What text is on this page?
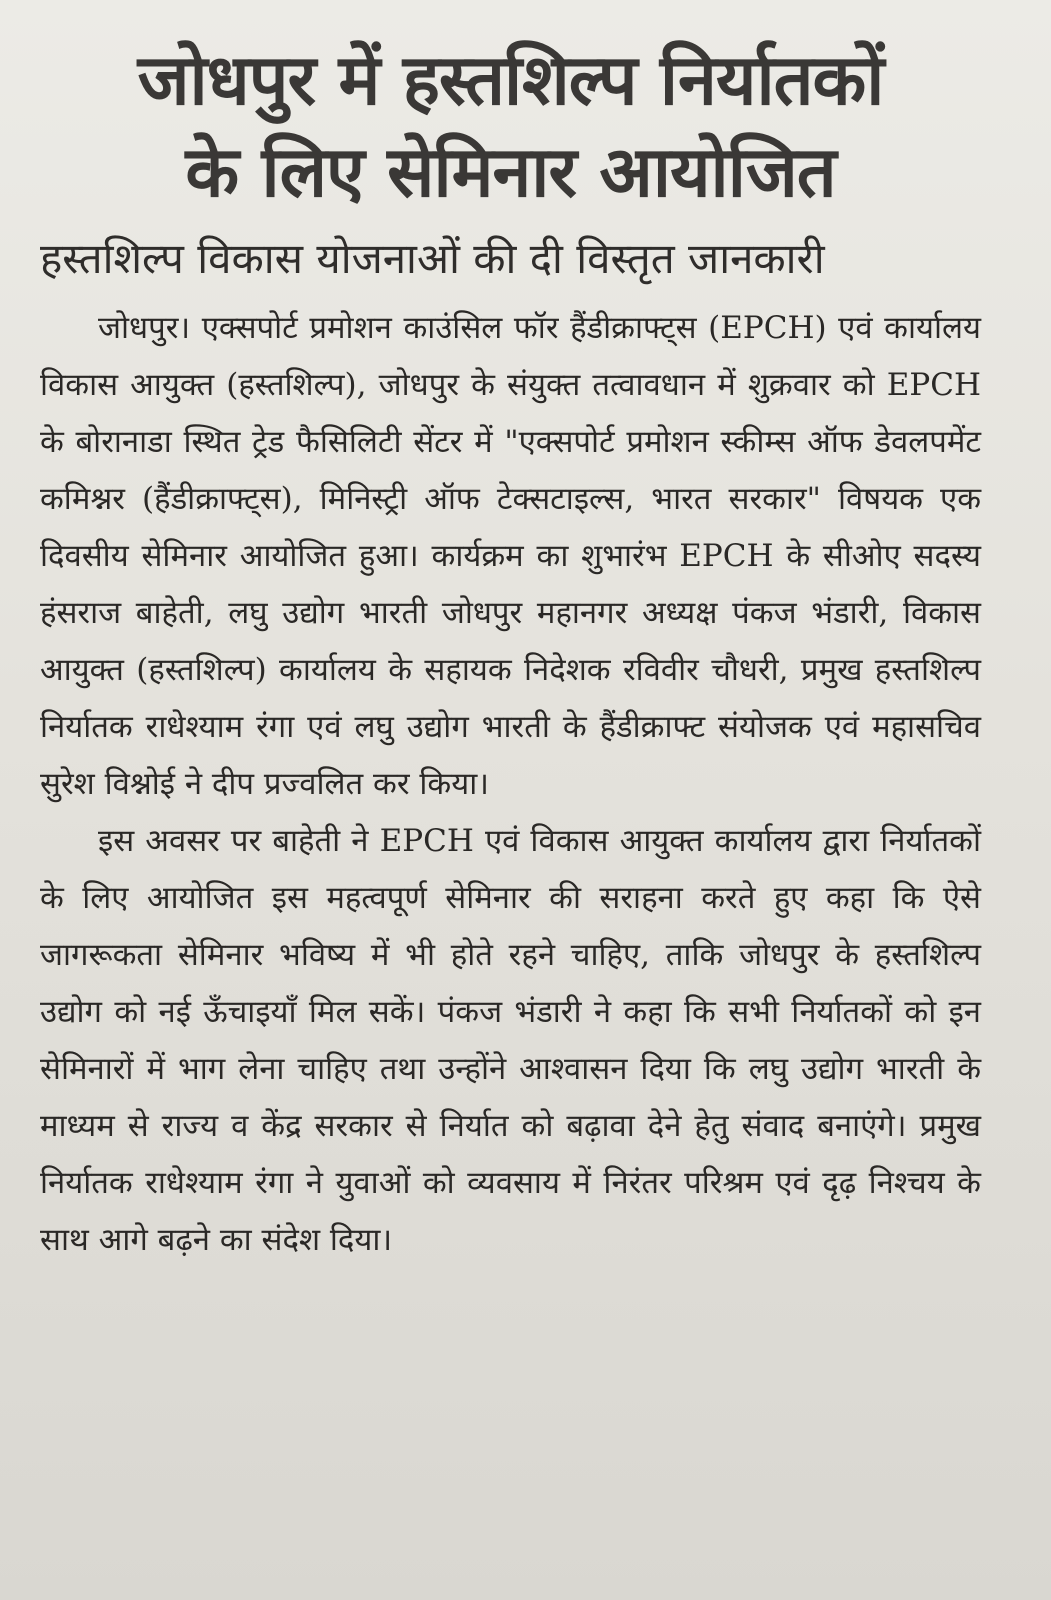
जोधपुर में हस्तशिल्प निर्यातकों
के लिए सेमिनार आयोजित
हस्तशिल्प विकास योजनाओं की दी विस्तृत जानकारी

जोधपुर। एक्सपोर्ट प्रमोशन काउंसिल फॉर हैंडीक्राफ्ट्स (EPCH) एवं कार्यालय विकास आयुक्त (हस्तशिल्प), जोधपुर के संयुक्त तत्वावधान में शुक्रवार को EPCH के बोरानाडा स्थित ट्रेड फैसिलिटी सेंटर में "एक्सपोर्ट प्रमोशन स्कीम्स ऑफ डेवलपमेंट कमिश्नर (हैंडीक्राफ्ट्स), मिनिस्ट्री ऑफ टेक्सटाइल्स, भारत सरकार" विषयक एक दिवसीय सेमिनार आयोजित हुआ। कार्यक्रम का शुभारंभ EPCH के सीओए सदस्य हंसराज बाहेती, लघु उद्योग भारती जोधपुर महानगर अध्यक्ष पंकज भंडारी, विकास आयुक्त (हस्तशिल्प) कार्यालय के सहायक निदेशक रविवीर चौधरी, प्रमुख हस्तशिल्प निर्यातक राधेश्याम रंगा एवं लघु उद्योग भारती के हैंडीक्राफ्ट संयोजक एवं महासचिव सुरेश विश्नोई ने दीप प्रज्वलित कर किया।

इस अवसर पर बाहेती ने EPCH एवं विकास आयुक्त कार्यालय द्वारा निर्यातकों के लिए आयोजित इस महत्वपूर्ण सेमिनार की सराहना करते हुए कहा कि ऐसे जागरूकता सेमिनार भविष्य में भी होते रहने चाहिए, ताकि जोधपुर के हस्तशिल्प उद्योग को नई ऊँचाइयाँ मिल सकें। पंकज भंडारी ने कहा कि सभी निर्यातकों को इन सेमिनारों में भाग लेना चाहिए तथा उन्होंने आश्वासन दिया कि लघु उद्योग भारती के माध्यम से राज्य व केंद्र सरकार से निर्यात को बढ़ावा देने हेतु संवाद बनाएंगे। प्रमुख निर्यातक राधेश्याम रंगा ने युवाओं को व्यवसाय में निरंतर परिश्रम एवं दृढ़ निश्चय के साथ आगे बढ़ने का संदेश दिया।
